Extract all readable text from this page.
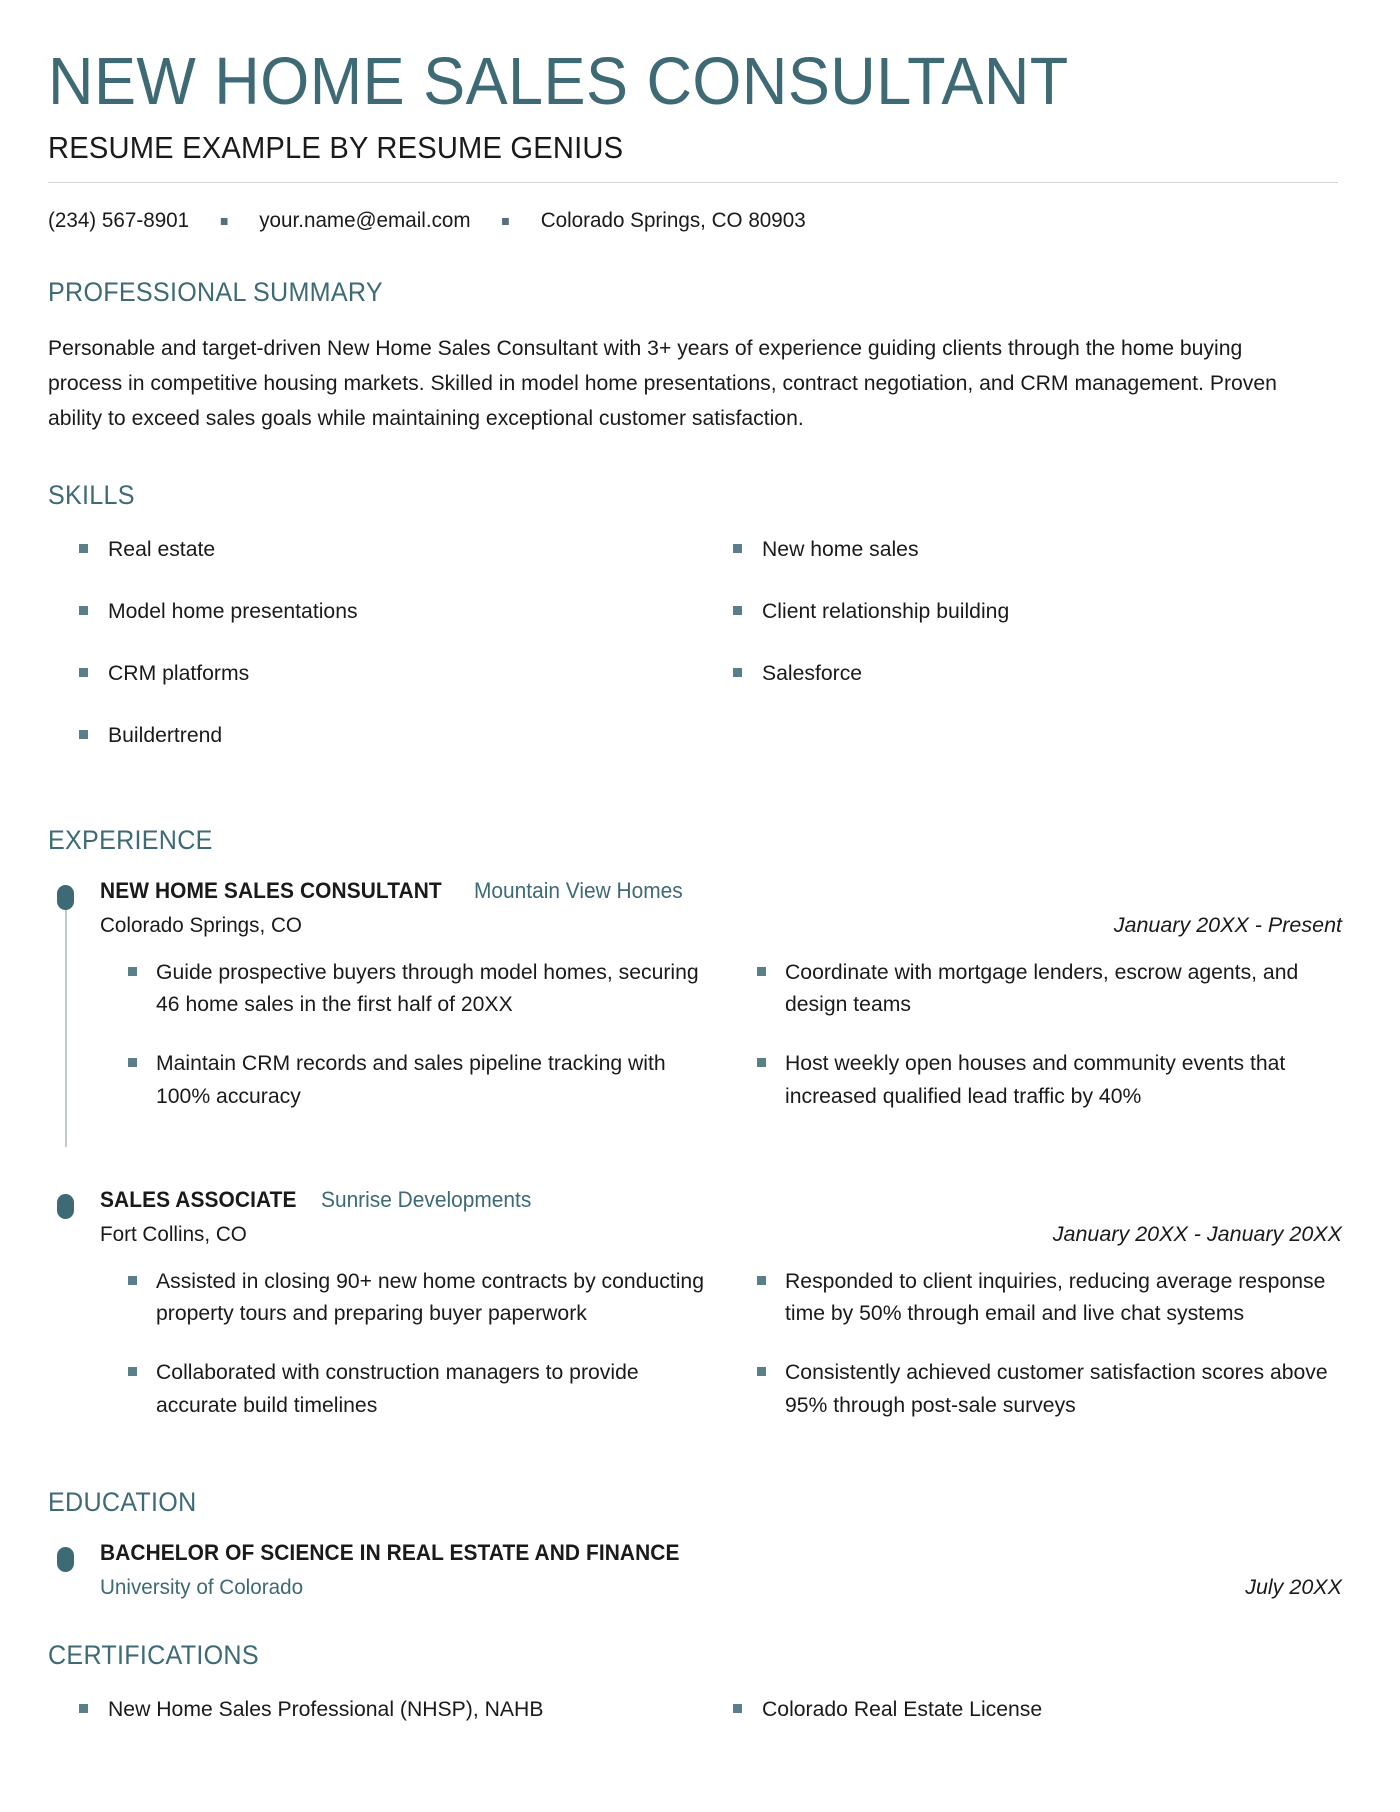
NEW HOME SALES CONSULTANT
RESUME EXAMPLE BY RESUME GENIUS
(234) 567-8901	your.name@email.com	Colorado Springs, CO 80903
PROFESSIONAL SUMMARY

Personable and target-driven New Home Sales Consultant with 3+ years of experience guiding clients through the home buying process in competitive housing markets. Skilled in model home presentations, contract negotiation, and CRM management. Proven ability to exceed sales goals while maintaining exceptional customer satisfaction.

SKILLS
Real estate	New home sales
Model home presentations	Client relationship building
CRM platforms	Salesforce
Buildertrend
EXPERIENCE
NEW HOME SALES CONSULTANT Mountain View Homes
Colorado Springs, CO	January 20XX - Present
Guide prospective buyers through model homes, securing 46 home sales in the first half of 20XX
Coordinate with mortgage lenders, escrow agents, and design teams
Maintain CRM records and sales pipeline tracking with 100% accuracy
Host weekly open houses and community events that increased qualified lead traffic by 40%
SALES ASSOCIATE Sunrise Developments
Fort Collins, CO	January 20XX - January 20XX
Assisted in closing 90+ new home contracts by conducting property tours and preparing buyer paperwork
Responded to client inquiries, reducing average response time by 50% through email and live chat systems
Collaborated with construction managers to provide accurate build timelines
Consistently achieved customer satisfaction scores above 95% through post-sale surveys
EDUCATION
BACHELOR OF SCIENCE IN REAL ESTATE AND FINANCE
University of Colorado	July 20XX
CERTIFICATIONS
New Home Sales Professional (NHSP), NAHB	Colorado Real Estate License
